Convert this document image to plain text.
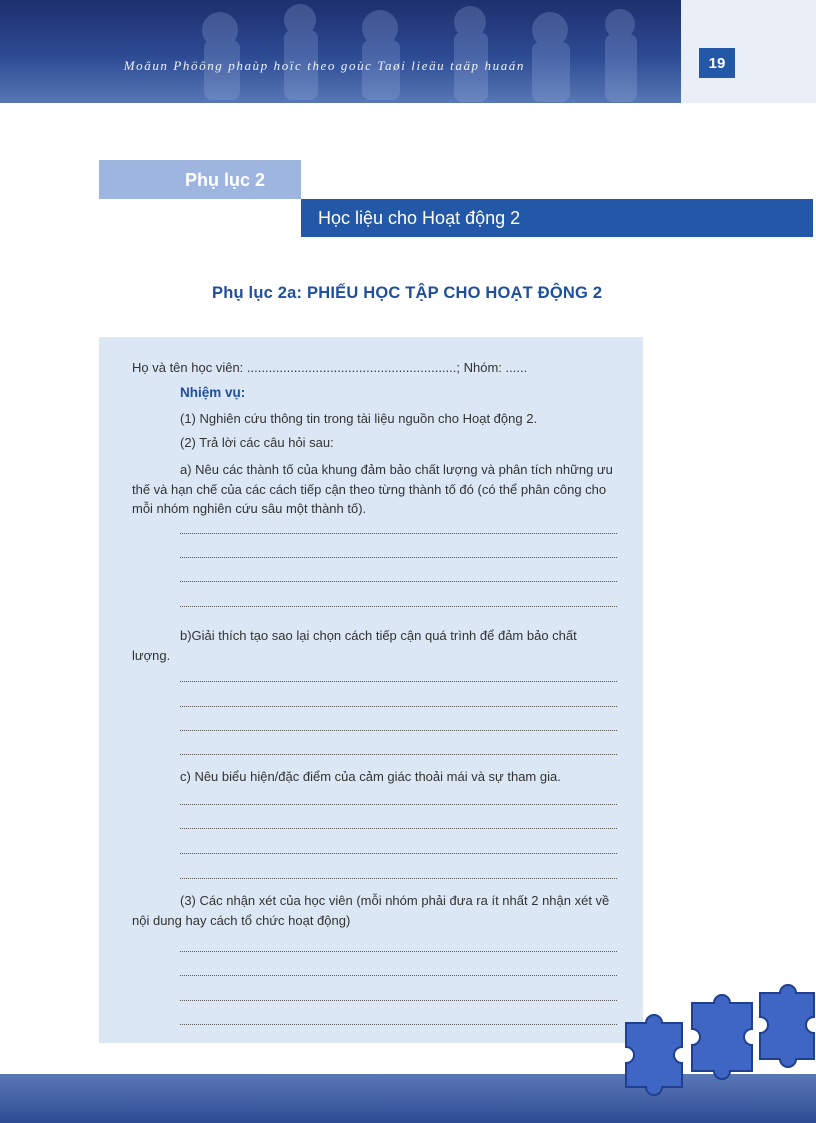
Moâun Phöông phaùp hoïc theo goùc Taøi lieäu taäp huaán	19
Phụ lục 2
Học liệu cho Hoạt động 2
Phụ lục 2a: PHIẾU HỌC TẬP CHO HOẠT ĐỘNG 2
Họ và tên học viên: ..........................................................; Nhóm: ......
Nhiệm vụ:
(1) Nghiên cứu thông tin trong tài liệu nguồn cho Hoạt động 2.
(2) Trả lời các câu hỏi sau:
a) Nêu các thành tố của khung đảm bảo chất lượng và phân tích những ưu thế và hạn chế của các cách tiếp cận theo từng thành tố đó (có thể phân công cho mỗi nhóm nghiên cứu sâu một thành tố).
b)Giải thích tạo sao lại chọn cách tiếp cận quá trình để đảm bảo chất lượng.
c) Nêu biểu hiện/đặc điểm của cảm giác thoải mái và sự tham gia.
(3) Các nhận xét của học viên (mỗi nhóm phải đưa ra ít nhất 2 nhận xét về nội dung hay cách tổ chức hoạt động)
